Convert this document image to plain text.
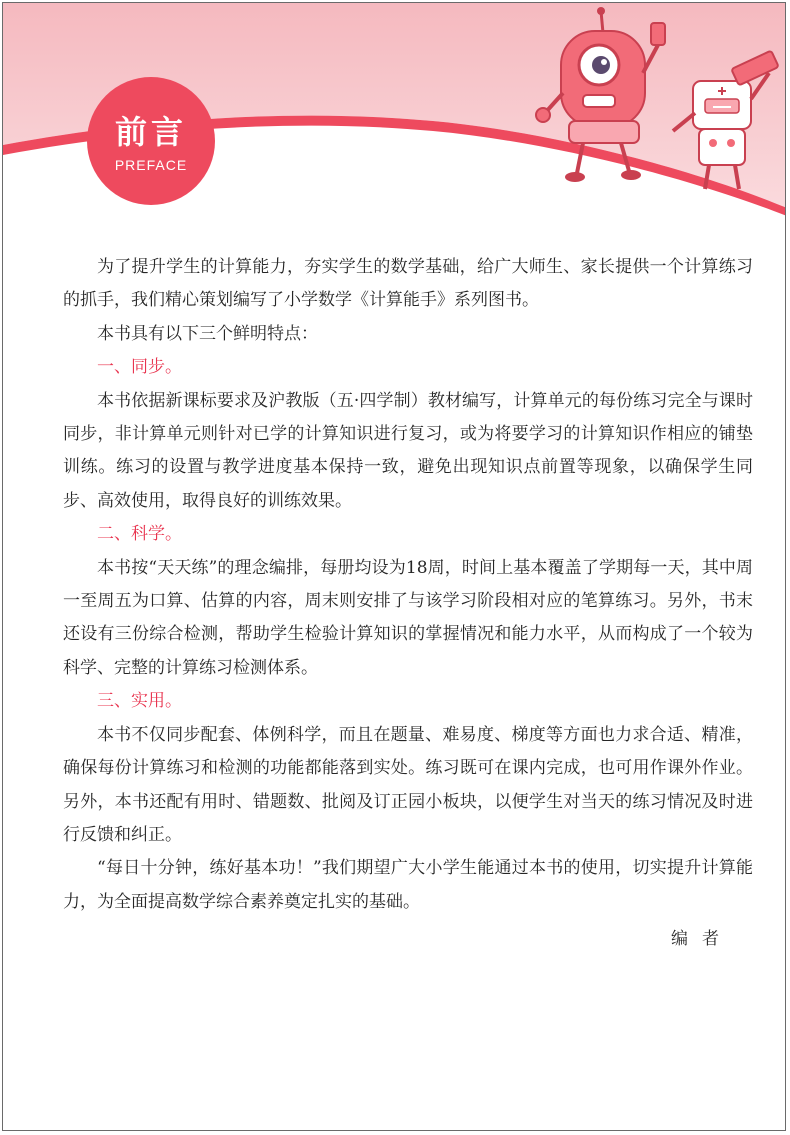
前言
PREFACE

为了提升学生的计算能力，夯实学生的数学基础，给广大师生、家长提供一个计算练习的抓手，我们精心策划编写了小学数学《计算能手》系列图书。

本书具有以下三个鲜明特点：

一、同步。

本书依据新课标要求及沪教版（五·四学制）教材编写，计算单元的每份练习完全与课时同步，非计算单元则针对已学的计算知识进行复习，或为将要学习的计算知识作相应的铺垫训练。练习的设置与教学进度基本保持一致，避免出现知识点前置等现象，以确保学生同步、高效使用，取得良好的训练效果。

二、科学。

本书按“天天练”的理念编排，每册均设为18周，时间上基本覆盖了学期每一天，其中周一至周五为口算、估算的内容，周末则安排了与该学习阶段相对应的笔算练习。另外，书末还设有三份综合检测，帮助学生检验计算知识的掌握情况和能力水平，从而构成了一个较为科学、完整的计算练习检测体系。

三、实用。

本书不仅同步配套、体例科学，而且在题量、难易度、梯度等方面也力求合适、精准，确保每份计算练习和检测的功能都能落到实处。练习既可在课内完成，也可用作课外作业。另外，本书还配有用时、错题数、批阅及订正园小板块，以便学生对当天的练习情况及时进行反馈和纠正。

“每日十分钟，练好基本功！”我们期望广大小学生能通过本书的使用，切实提升计算能力，为全面提高数学综合素养奠定扎实的基础。

编者
